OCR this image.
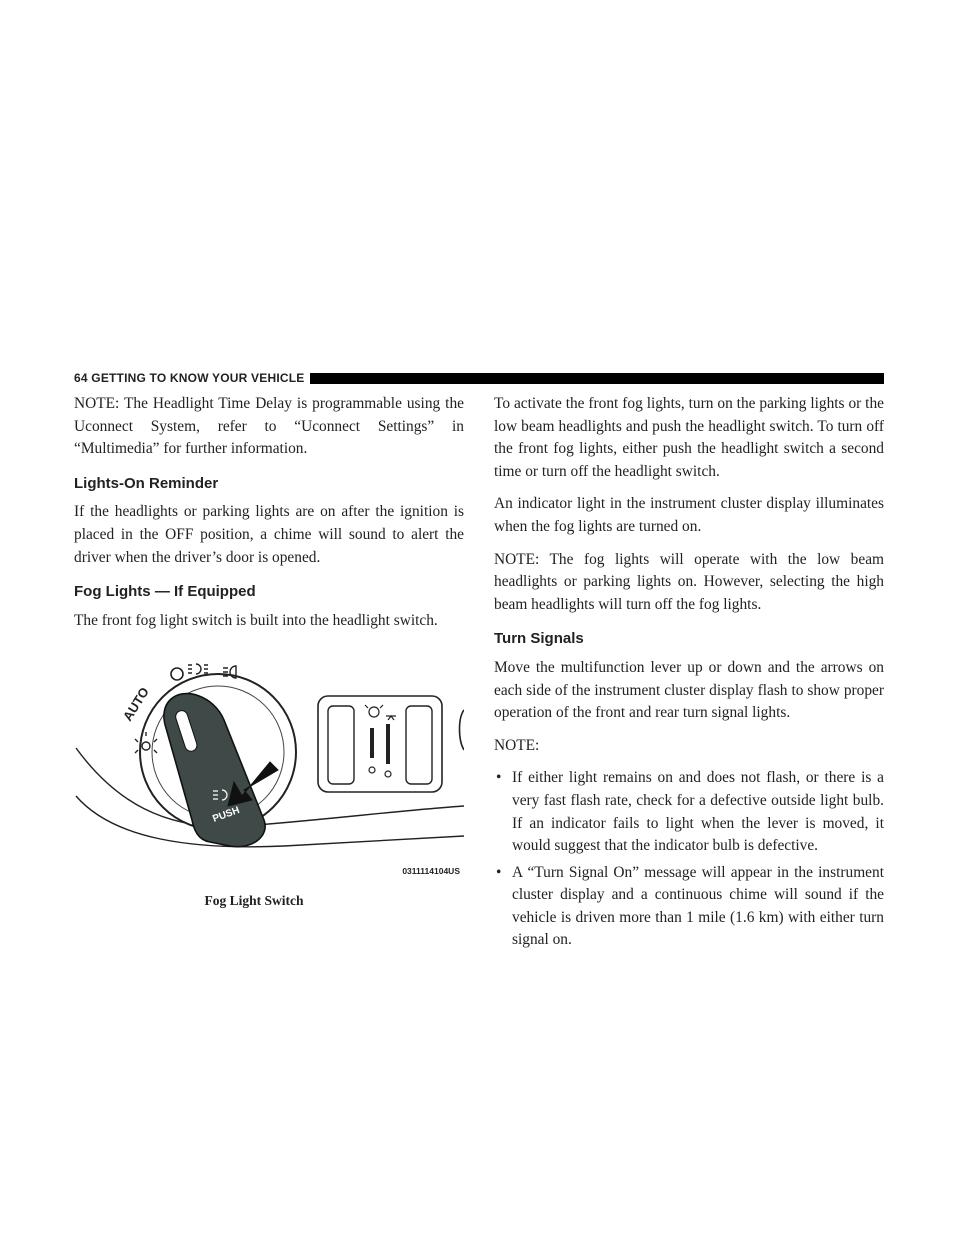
64 GETTING TO KNOW YOUR VEHICLE

NOTE: The Headlight Time Delay is programmable using the Uconnect System, refer to “Uconnect Settings” in “Multimedia” for further information.

Lights-On Reminder

If the headlights or parking lights are on after the ignition is placed in the OFF position, a chime will sound to alert the driver when the driver’s door is opened.

Fog Lights — If Equipped

The front fog light switch is built into the headlight switch.

AUTO
PUSH
0311114104US
Fog Light Switch

To activate the front fog lights, turn on the parking lights or the low beam headlights and push the headlight switch. To turn off the front fog lights, either push the headlight switch a second time or turn off the headlight switch.

An indicator light in the instrument cluster display illuminates when the fog lights are turned on.

NOTE: The fog lights will operate with the low beam headlights or parking lights on. However, selecting the high beam headlights will turn off the fog lights.

Turn Signals

Move the multifunction lever up or down and the arrows on each side of the instrument cluster display flash to show proper operation of the front and rear turn signal lights.

NOTE:

• If either light remains on and does not flash, or there is a very fast flash rate, check for a defective outside light bulb. If an indicator fails to light when the lever is moved, it would suggest that the indicator bulb is defective.
• A “Turn Signal On” message will appear in the instrument cluster display and a continuous chime will sound if the vehicle is driven more than 1 mile (1.6 km) with either turn signal on.
